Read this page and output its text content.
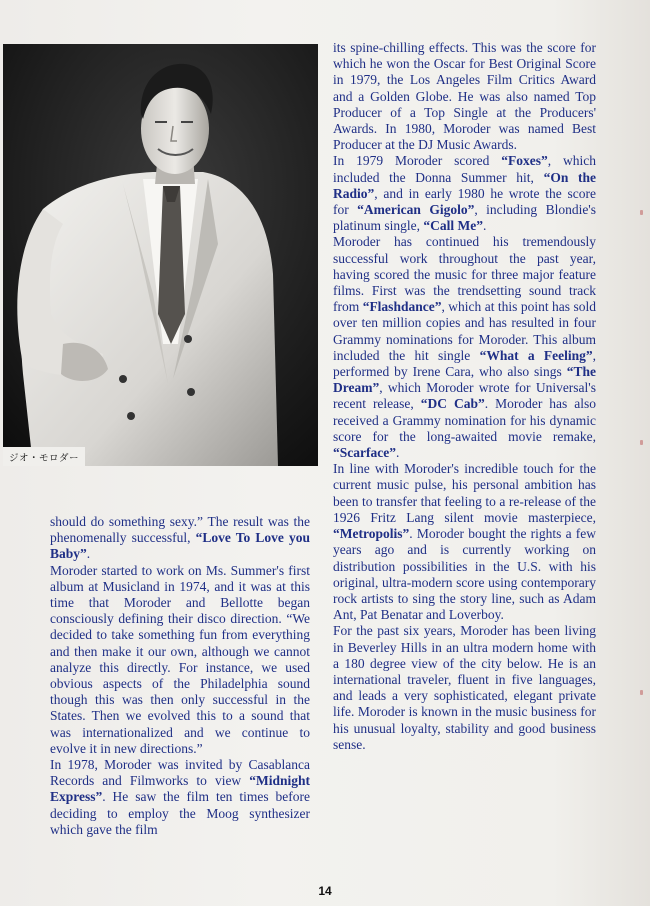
ジオ・モロダー

its spine-chilling effects. This was the score for which he won the Oscar for Best Original Score in 1979, the Los Angeles Film Critics Award and a Golden Globe. He was also named Top Producer of a Top Single at the Producers' Awards. In 1980, Moroder was named Best Producer at the DJ Music Awards.

In 1979 Moroder scored “Foxes”, which included the Donna Summer hit, “On the Radio”, and in early 1980 he wrote the score for “American Gigolo”, including Blondie's platinum single, “Call Me”.

Moroder has continued his tremendously successful work throughout the past year, having scored the music for three major feature films. First was the trendsetting sound track from “Flashdance”, which at this point has sold over ten million copies and has resulted in four Grammy nominations for Moroder. This album included the hit single “What a Feeling”, performed by Irene Cara, who also sings “The Dream”, which Moroder wrote for Universal's recent release, “DC Cab”. Moroder has also received a Grammy nomination for his dynamic score for the long-awaited movie remake, “Scarface”.

In line with Moroder's incredible touch for the current music pulse, his personal ambition has been to transfer that feeling to a re-release of the 1926 Fritz Lang silent movie masterpiece, “Metropolis”. Moroder bought the rights a few years ago and is currently working on distribution possibilities in the U.S. with his original, ultra-modern score using contemporary rock artists to sing the story line, such as Adam Ant, Pat Benatar and Loverboy.

For the past six years, Moroder has been living in Beverley Hills in an ultra modern home with a 180 degree view of the city below. He is an international traveler, fluent in five languages, and leads a very sophisticated, elegant private life. Moroder is known in the music business for his unusual loyalty, stability and good business sense.

should do something sexy.” The result was the phenomenally successful, “Love To Love you Baby”.

Moroder started to work on Ms. Summer's first album at Musicland in 1974, and it was at this time that Moroder and Bellotte began consciously defining their disco direction. “We decided to take something fun from everything and then make it our own, although we cannot analyze this directly. For instance, we used obvious aspects of the Philadelphia sound though this was then only successful in the States. Then we evolved this to a sound that was internationalized and we continue to evolve it in new directions.”

In 1978, Moroder was invited by Casablanca Records and Filmworks to view “Midnight Express”. He saw the film ten times before deciding to employ the Moog synthesizer which gave the film

14
